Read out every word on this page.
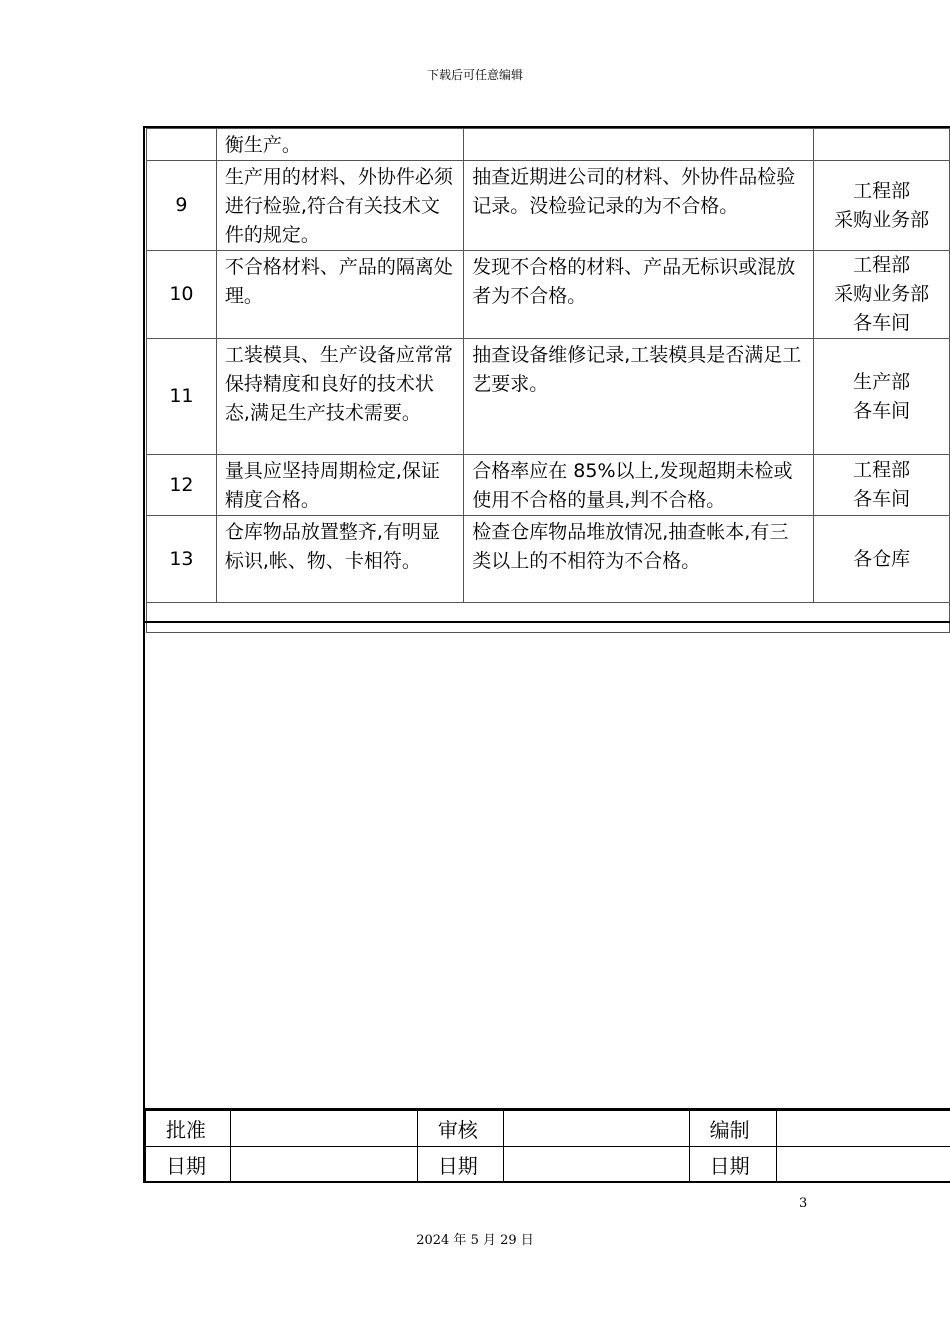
下载后可任意编辑
	衡生产。		
9	生产用的材料、外协件必须进行检验,符合有关技术文件的规定。	抽查近期进公司的材料、外协件品检验记录。没检验记录的为不合格。	工程部
采购业务部

10	不合格材料、产品的隔离处理。	发现不合格的材料、产品无标识或混放者为不合格。	工程部
采购业务部
各车间

11	工装模具、生产设备应常常保持精度和良好的技术状态,满足生产技术需要。	抽查设备维修记录,工装模具是否满足工艺要求。	生产部
各车间

12	量具应坚持周期检定,保证精度合格。	合格率应在 85%以上,发现超期未检或使用不合格的量具,判不合格。	工程部
各车间

13	仓库物品放置整齐,有明显标识,帐、物、卡相符。	检查仓库物品堆放情况,抽查帐本,有三类以上的不相符为不合格。	各仓库

批准		审核		编制	
日期		日期		日期	
3
2024 年 5 月 29 日
